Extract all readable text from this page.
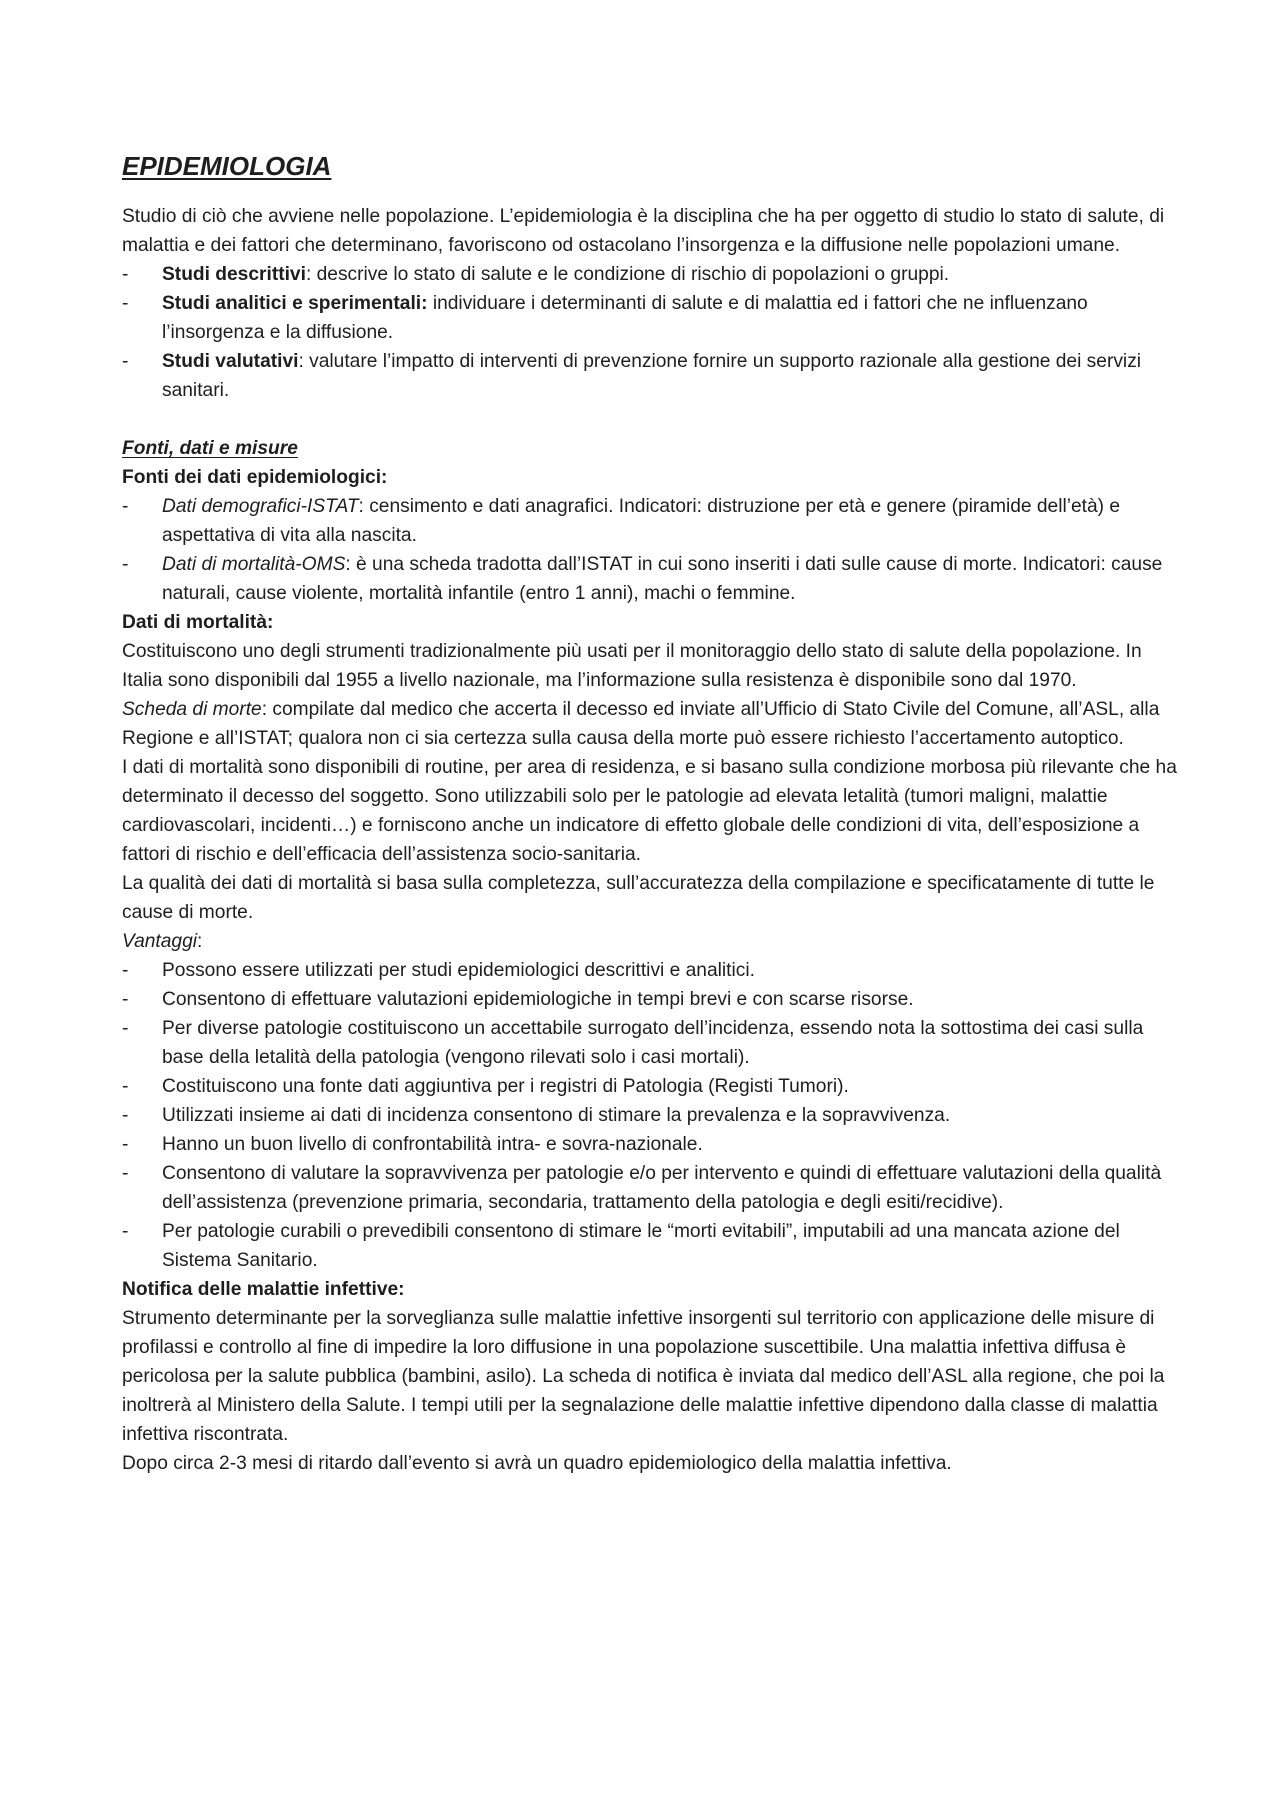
EPIDEMIOLOGIA

Studio di ciò che avviene nelle popolazione. L’epidemiologia è la disciplina che ha per oggetto di studio lo stato di salute, di malattia e dei fattori che determinano, favoriscono od ostacolano l’insorgenza e la diffusione nelle popolazioni umane.

- Studi descrittivi: descrive lo stato di salute e le condizione di rischio di popolazioni o gruppi.
- Studi analitici e sperimentali: individuare i determinanti di salute e di malattia ed i fattori che ne influenzano l’insorgenza e la diffusione.
- Studi valutativi: valutare l’impatto di interventi di prevenzione fornire un supporto razionale alla gestione dei servizi sanitari.

Fonti, dati e misure

Fonti dei dati epidemiologici:

- Dati demografici-ISTAT: censimento e dati anagrafici. Indicatori: distruzione per età e genere (piramide dell’età) e aspettativa di vita alla nascita.
- Dati di mortalità-OMS: è una scheda tradotta dall’ISTAT in cui sono inseriti i dati sulle cause di morte. Indicatori: cause naturali, cause violente, mortalità infantile (entro 1 anni), machi o femmine.

Dati di mortalità:

Costituiscono uno degli strumenti tradizionalmente più usati per il monitoraggio dello stato di salute della popolazione. In Italia sono disponibili dal 1955 a livello nazionale, ma l’informazione sulla resistenza è disponibile sono dal 1970.

Scheda di morte: compilate dal medico che accerta il decesso ed inviate all’Ufficio di Stato Civile del Comune, all’ASL, alla Regione e all’ISTAT; qualora non ci sia certezza sulla causa della morte può essere richiesto l’accertamento autoptico.

I dati di mortalità sono disponibili di routine, per area di residenza, e si basano sulla condizione morbosa più rilevante che ha determinato il decesso del soggetto. Sono utilizzabili solo per le patologie ad elevata letalità (tumori maligni, malattie cardiovascolari, incidenti…) e forniscono anche un indicatore di effetto globale delle condizioni di vita, dell’esposizione a fattori di rischio e dell’efficacia dell’assistenza socio-sanitaria.

La qualità dei dati di mortalità si basa sulla completezza, sull’accuratezza della compilazione e specificatamente di tutte le cause di morte.

Vantaggi:

- Possono essere utilizzati per studi epidemiologici descrittivi e analitici.
- Consentono di effettuare valutazioni epidemiologiche in tempi brevi e con scarse risorse.
- Per diverse patologie costituiscono un accettabile surrogato dell’incidenza, essendo nota la sottostima dei casi sulla base della letalità della patologia (vengono rilevati solo i casi mortali).
- Costituiscono una fonte dati aggiuntiva per i registri di Patologia (Registi Tumori).
- Utilizzati insieme ai dati di incidenza consentono di stimare la prevalenza e la sopravvivenza.
- Hanno un buon livello di confrontabilità intra- e sovra-nazionale.
- Consentono di valutare la sopravvivenza per patologie e/o per intervento e quindi di effettuare valutazioni della qualità dell’assistenza (prevenzione primaria, secondaria, trattamento della patologia e degli esiti/recidive).
- Per patologie curabili o prevedibili consentono di stimare le “morti evitabili”, imputabili ad una mancata azione del Sistema Sanitario.

Notifica delle malattie infettive:

Strumento determinante per la sorveglianza sulle malattie infettive insorgenti sul territorio con applicazione delle misure di profilassi e controllo al fine di impedire la loro diffusione in una popolazione suscettibile. Una malattia infettiva diffusa è pericolosa per la salute pubblica (bambini, asilo). La scheda di notifica è inviata dal medico dell’ASL alla regione, che poi la inoltrerà al Ministero della Salute. I tempi utili per la segnalazione delle malattie infettive dipendono dalla classe di malattia infettiva riscontrata.

Dopo circa 2-3 mesi di ritardo dall’evento si avrà un quadro epidemiologico della malattia infettiva.
